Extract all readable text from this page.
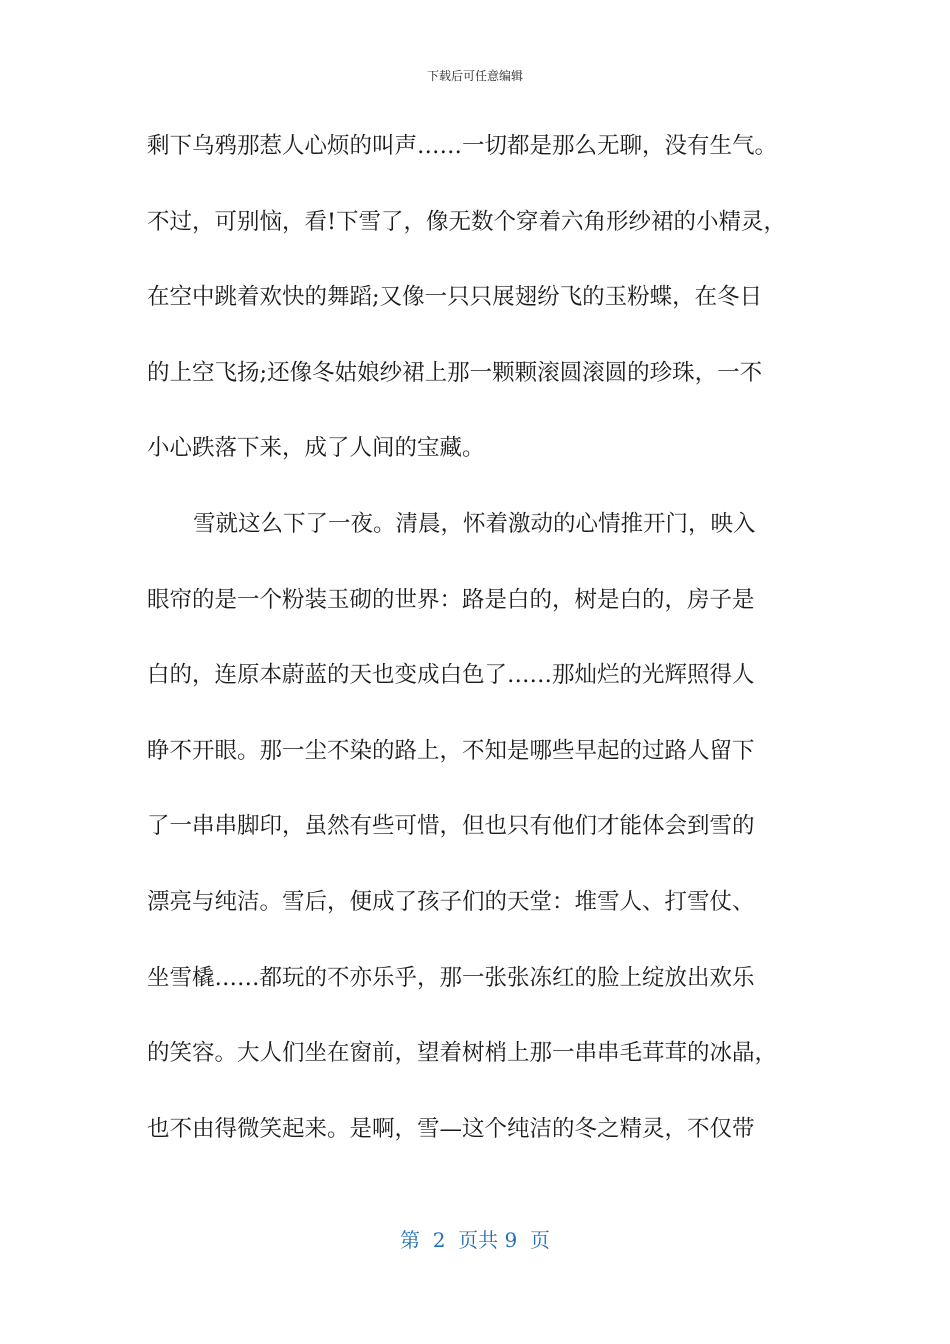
下载后可任意编辑
剩下乌鸦那惹人心烦的叫声……一切都是那么无聊，没有生气。
不过，可别恼，看!下雪了，像无数个穿着六角形纱裙的小精灵，
在空中跳着欢快的舞蹈;又像一只只展翅纷飞的玉粉蝶，在冬日
的上空飞扬;还像冬姑娘纱裙上那一颗颗滚圆滚圆的珍珠，一不
小心跌落下来，成了人间的宝藏。
雪就这么下了一夜。清晨，怀着激动的心情推开门，映入
眼帘的是一个粉装玉砌的世界：路是白的，树是白的，房子是
白的，连原本蔚蓝的天也变成白色了……那灿烂的光辉照得人
睁不开眼。那一尘不染的路上，不知是哪些早起的过路人留下
了一串串脚印，虽然有些可惜，但也只有他们才能体会到雪的
漂亮与纯洁。雪后，便成了孩子们的天堂：堆雪人、打雪仗、
坐雪橇……都玩的不亦乐乎，那一张张冻红的脸上绽放出欢乐
的笑容。大人们坐在窗前，望着树梢上那一串串毛茸茸的冰晶，
也不由得微笑起来。是啊，雪—这个纯洁的冬之精灵，不仅带
第  2  页共 9  页
